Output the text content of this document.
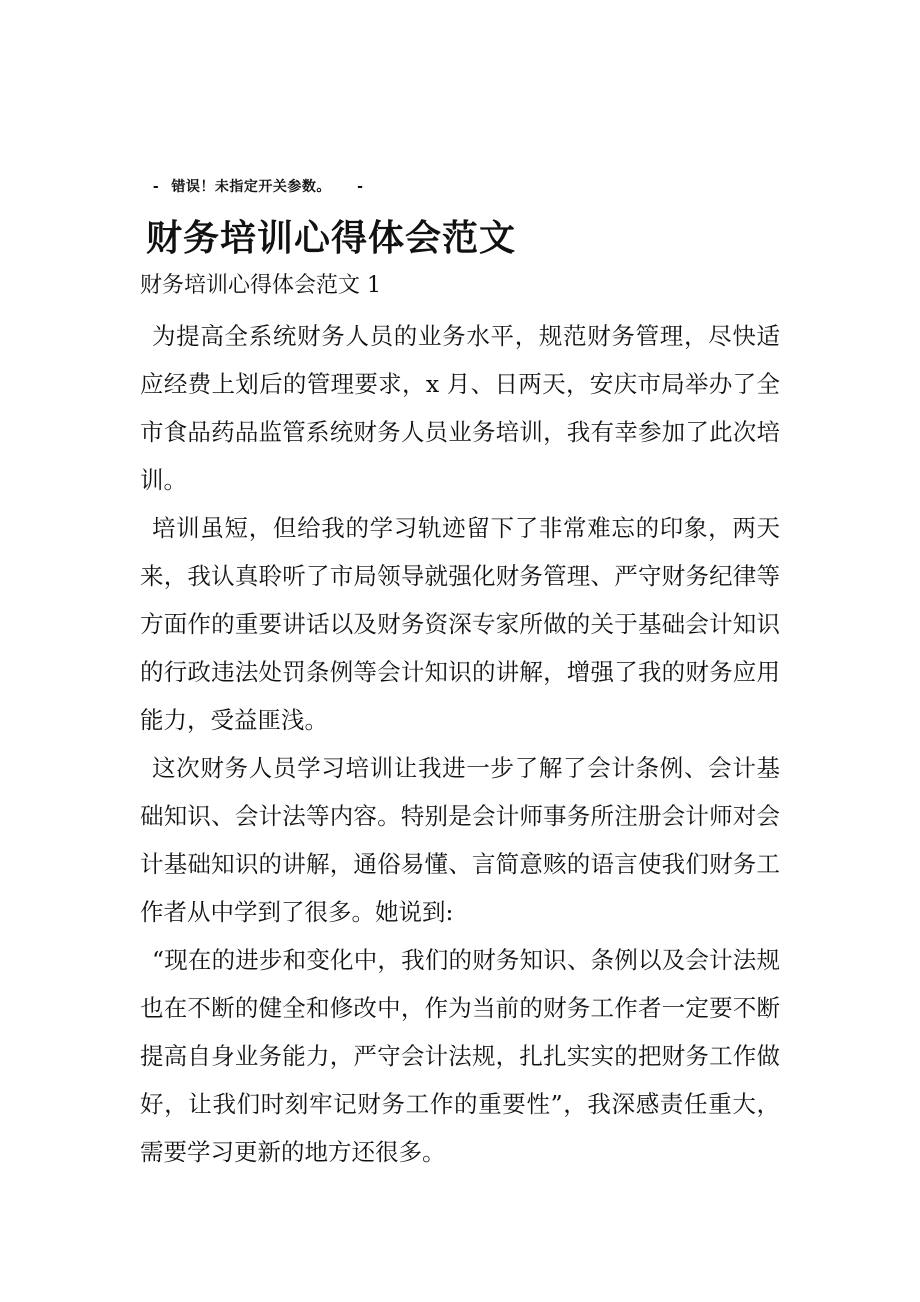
- 错误！未指定开关参数。 -
财务培训心得体会范文
财务培训心得体会范文 1

为提高全系统财务人员的业务水平，规范财务管理，尽快适应经费上划后的管理要求，x 月、日两天，安庆市局举办了全市食品药品监管系统财务人员业务培训，我有幸参加了此次培训。

培训虽短，但给我的学习轨迹留下了非常难忘的印象，两天来，我认真聆听了市局领导就强化财务管理、严守财务纪律等方面作的重要讲话以及财务资深专家所做的关于基础会计知识的行政违法处罚条例等会计知识的讲解，增强了我的财务应用能力，受益匪浅。

这次财务人员学习培训让我进一步了解了会计条例、会计基础知识、会计法等内容。特别是会计师事务所注册会计师对会计基础知识的讲解，通俗易懂、言简意赅的语言使我们财务工作者从中学到了很多。她说到:

“现在的进步和变化中，我们的财务知识、条例以及会计法规也在不断的健全和修改中，作为当前的财务工作者一定要不断提高自身业务能力，严守会计法规，扎扎实实的把财务工作做好，让我们时刻牢记财务工作的重要性”，我深感责任重大，需要学习更新的地方还很多。
